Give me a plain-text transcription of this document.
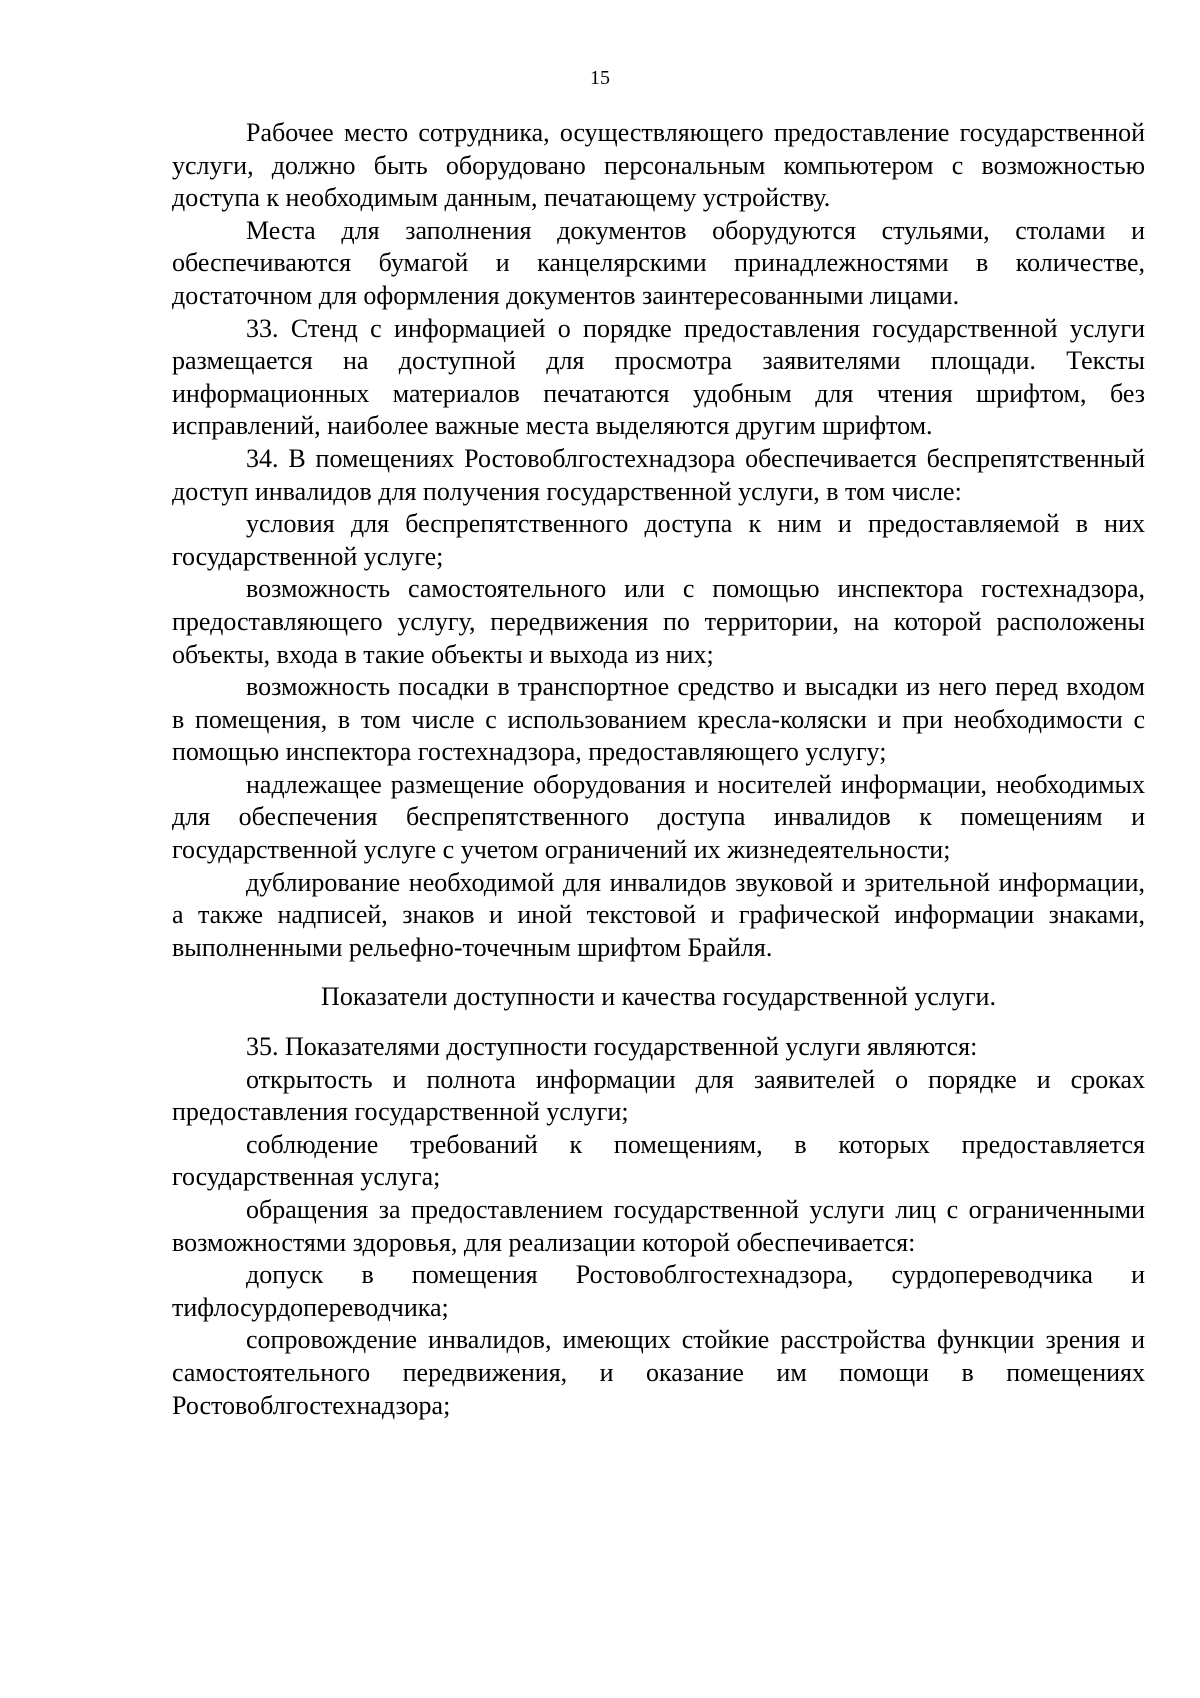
15

Рабочее место сотрудника, осуществляющего предоставление государственной услуги, должно быть оборудовано персональным компьютером с возможностью доступа к необходимым данным, печатающему устройству.

Места для заполнения документов оборудуются стульями, столами и обеспечиваются бумагой и канцелярскими принадлежностями в количестве, достаточном для оформления документов заинтересованными лицами.

33. Стенд с информацией о порядке предоставления государственной услуги размещается на доступной для просмотра заявителями площади. Тексты информационных материалов печатаются удобным для чтения шрифтом, без исправлений, наиболее важные места выделяются другим шрифтом.

34. В помещениях Ростовоблгостехнадзора обеспечивается беспрепятственный доступ инвалидов для получения государственной услуги, в том числе:

условия для беспрепятственного доступа к ним и предоставляемой в них государственной услуге;

возможность самостоятельного или с помощью инспектора гостехнадзора, предоставляющего услугу, передвижения по территории, на которой расположены объекты, входа в такие объекты и выхода из них;

возможность посадки в транспортное средство и высадки из него перед входом в помещения, в том числе с использованием кресла-коляски и при необходимости с помощью инспектора гостехнадзора, предоставляющего услугу;

надлежащее размещение оборудования и носителей информации, необходимых для обеспечения беспрепятственного доступа инвалидов к помещениям и государственной услуге с учетом ограничений их жизнедеятельности;

дублирование необходимой для инвалидов звуковой и зрительной информации, а также надписей, знаков и иной текстовой и графической информации знаками, выполненными рельефно-точечным шрифтом Брайля.

Показатели доступности и качества государственной услуги.

35. Показателями доступности государственной услуги являются:

открытость и полнота информации для заявителей о порядке и сроках предоставления государственной услуги;

соблюдение требований к помещениям, в которых предоставляется государственная услуга;

обращения за предоставлением государственной услуги лиц с ограниченными возможностями здоровья, для реализации которой обеспечивается:

допуск в помещения Ростовоблгостехнадзора, сурдопереводчика и тифлосурдопереводчика;

сопровождение инвалидов, имеющих стойкие расстройства функции зрения и самостоятельного передвижения, и оказание им помощи в помещениях Ростовоблгостехнадзора;
